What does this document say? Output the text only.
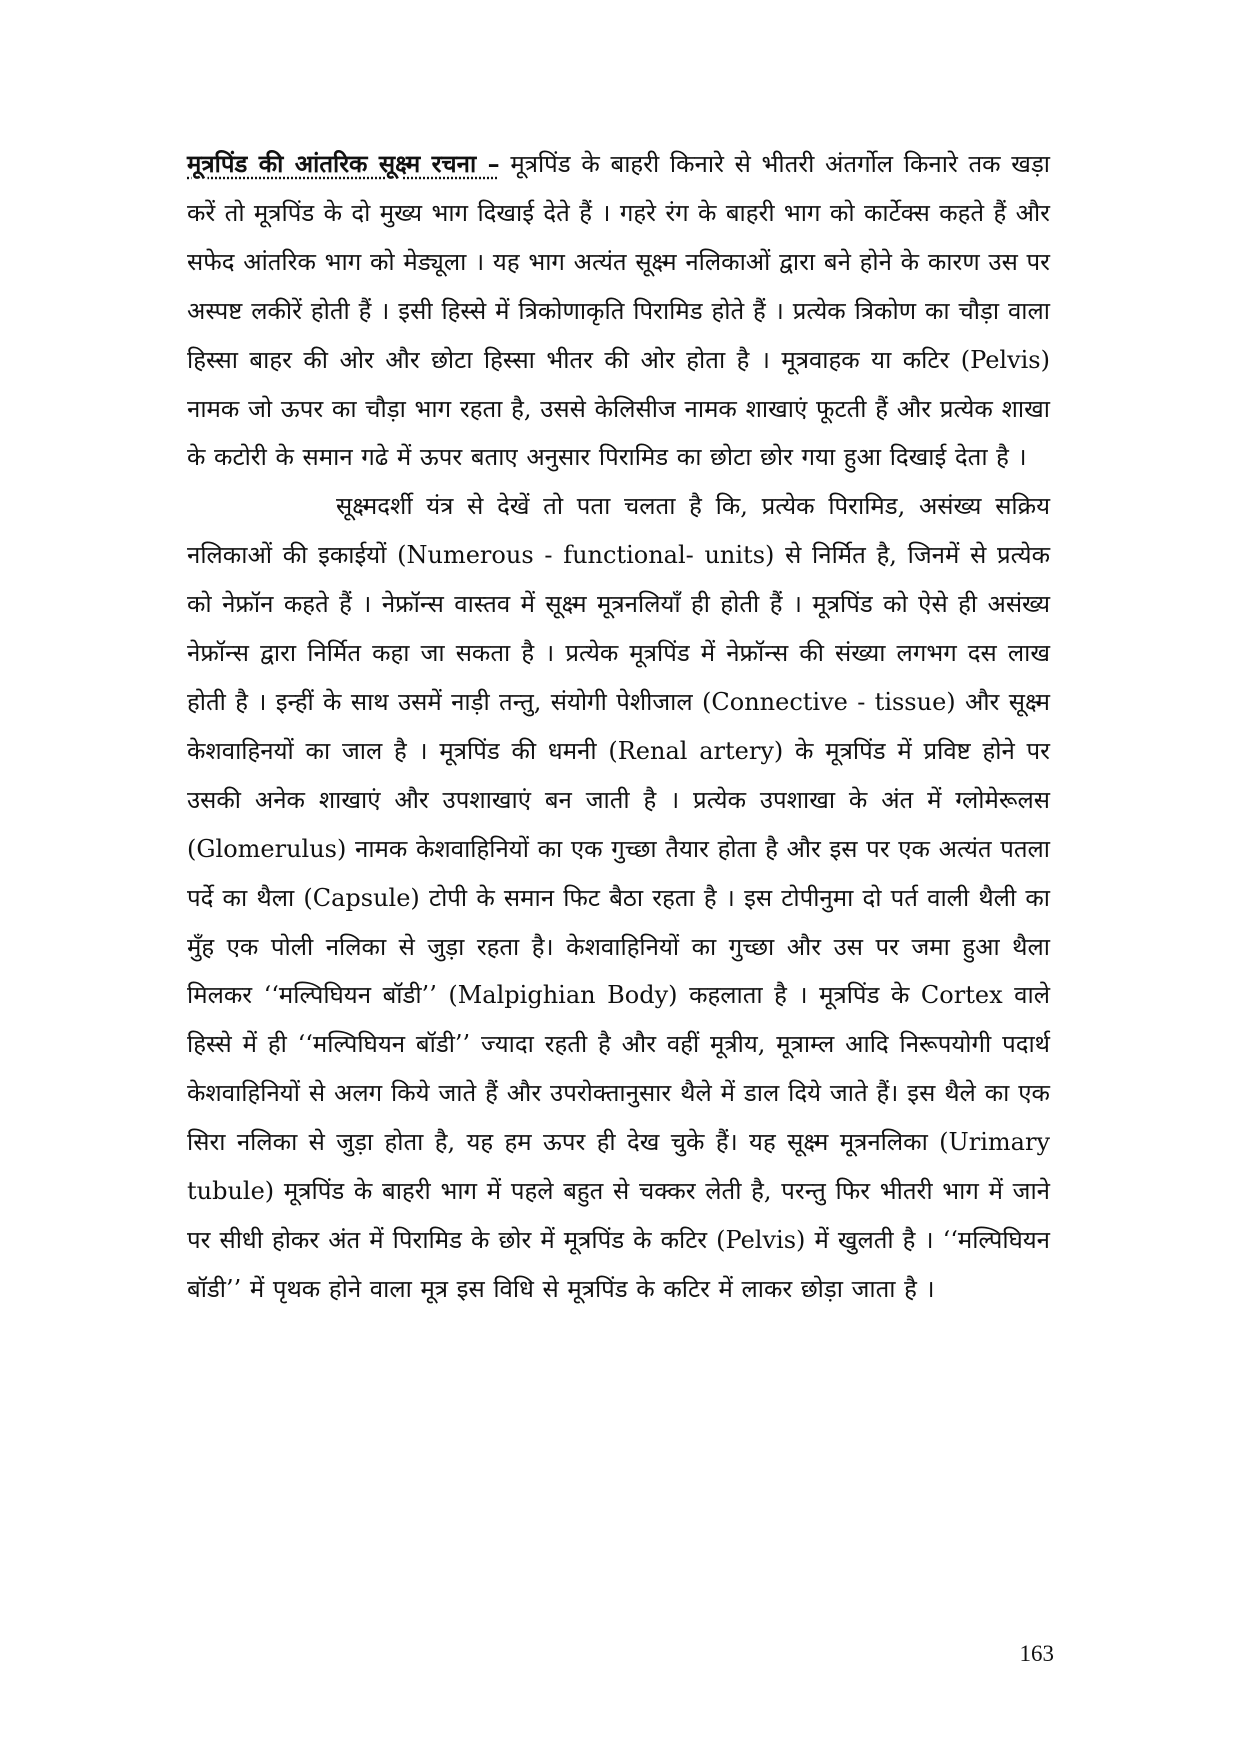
मूत्रपिंड की आंतरिक सूक्ष्म रचना – मूत्रपिंड के बाहरी किनारे से भीतरी अंतर्गोल किनारे तक खड़ा करें तो मूत्रपिंड के दो मुख्य भाग दिखाई देते हैं । गहरे रंग के बाहरी भाग को कार्टेक्स कहते हैं और सफेद आंतरिक भाग को मेड्यूला । यह भाग अत्यंत सूक्ष्म नलिकाओं द्वारा बने होने के कारण उस पर अस्पष्ट लकीरें होती हैं । इसी हिस्से में त्रिकोणाकृति पिरामिड होते हैं । प्रत्येक त्रिकोण का चौड़ा वाला हिस्सा बाहर की ओर और छोटा हिस्सा भीतर की ओर होता है । मूत्रवाहक या कटिर (Pelvis) नामक जो ऊपर का चौड़ा भाग रहता है, उससे केलिसीज नामक शाखाएं फूटती हैं और प्रत्येक शाखा के कटोरी के समान गढे में ऊपर बताए अनुसार पिरामिड का छोटा छोर गया हुआ दिखाई देता है ।

सूक्ष्मदर्शी यंत्र से देखें तो पता चलता है कि, प्रत्येक पिरामिड, असंख्य सक्रिय नलिकाओं की इकाईयों (Numerous - functional- units) से निर्मित है, जिनमें से प्रत्येक को नेफ्रॉन कहते हैं । नेफ्रॉन्स वास्तव में सूक्ष्म मूत्रनलियाँ ही होती हैं । मूत्रपिंड को ऐसे ही असंख्य नेफ्रॉन्स द्वारा निर्मित कहा जा सकता है । प्रत्येक मूत्रपिंड में नेफ्रॉन्स की संख्या लगभग दस लाख होती है । इन्हीं के साथ उसमें नाड़ी तन्तु, संयोगी पेशीजाल (Connective - tissue) और सूक्ष्म केशवाहिनयों का जाल है । मूत्रपिंड की धमनी (Renal artery) के मूत्रपिंड में प्रविष्ट होने पर उसकी अनेक शाखाएं और उपशाखाएं बन जाती है । प्रत्येक उपशाखा के अंत में ग्लोमेरूलस (Glomerulus) नामक केशवाहिनियों का एक गुच्छा तैयार होता है और इस पर एक अत्यंत पतला पर्दे का थैला (Capsule) टोपी के समान फिट बैठा रहता है । इस टोपीनुमा दो पर्त वाली थैली का मुँह एक पोली नलिका से जुड़ा रहता है। केशवाहिनियों का गुच्छा और उस पर जमा हुआ थैला मिलकर ‘‘मल्पिघियन बॉडी’’ (Malpighian Body) कहलाता है । मूत्रपिंड के Cortex वाले हिस्से में ही ‘‘मल्पिघियन बॉडी’’ ज्यादा रहती है और वहीं मूत्रीय, मूत्राम्ल आदि निरूपयोगी पदार्थ केशवाहिनियों से अलग किये जाते हैं और उपरोक्तानुसार थैले में डाल दिये जाते हैं। इस थैले का एक सिरा नलिका से जुड़ा होता है, यह हम ऊपर ही देख चुके हैं। यह सूक्ष्म मूत्रनलिका (Urimary tubule) मूत्रपिंड के बाहरी भाग में पहले बहुत से चक्कर लेती है, परन्तु फिर भीतरी भाग में जाने पर सीधी होकर अंत में पिरामिड के छोर में मूत्रपिंड के कटिर (Pelvis) में खुलती है । ‘‘मल्पिघियन बॉडी’’ में पृथक होने वाला मूत्र इस विधि से मूत्रपिंड के कटिर में लाकर छोड़ा जाता है ।

163
